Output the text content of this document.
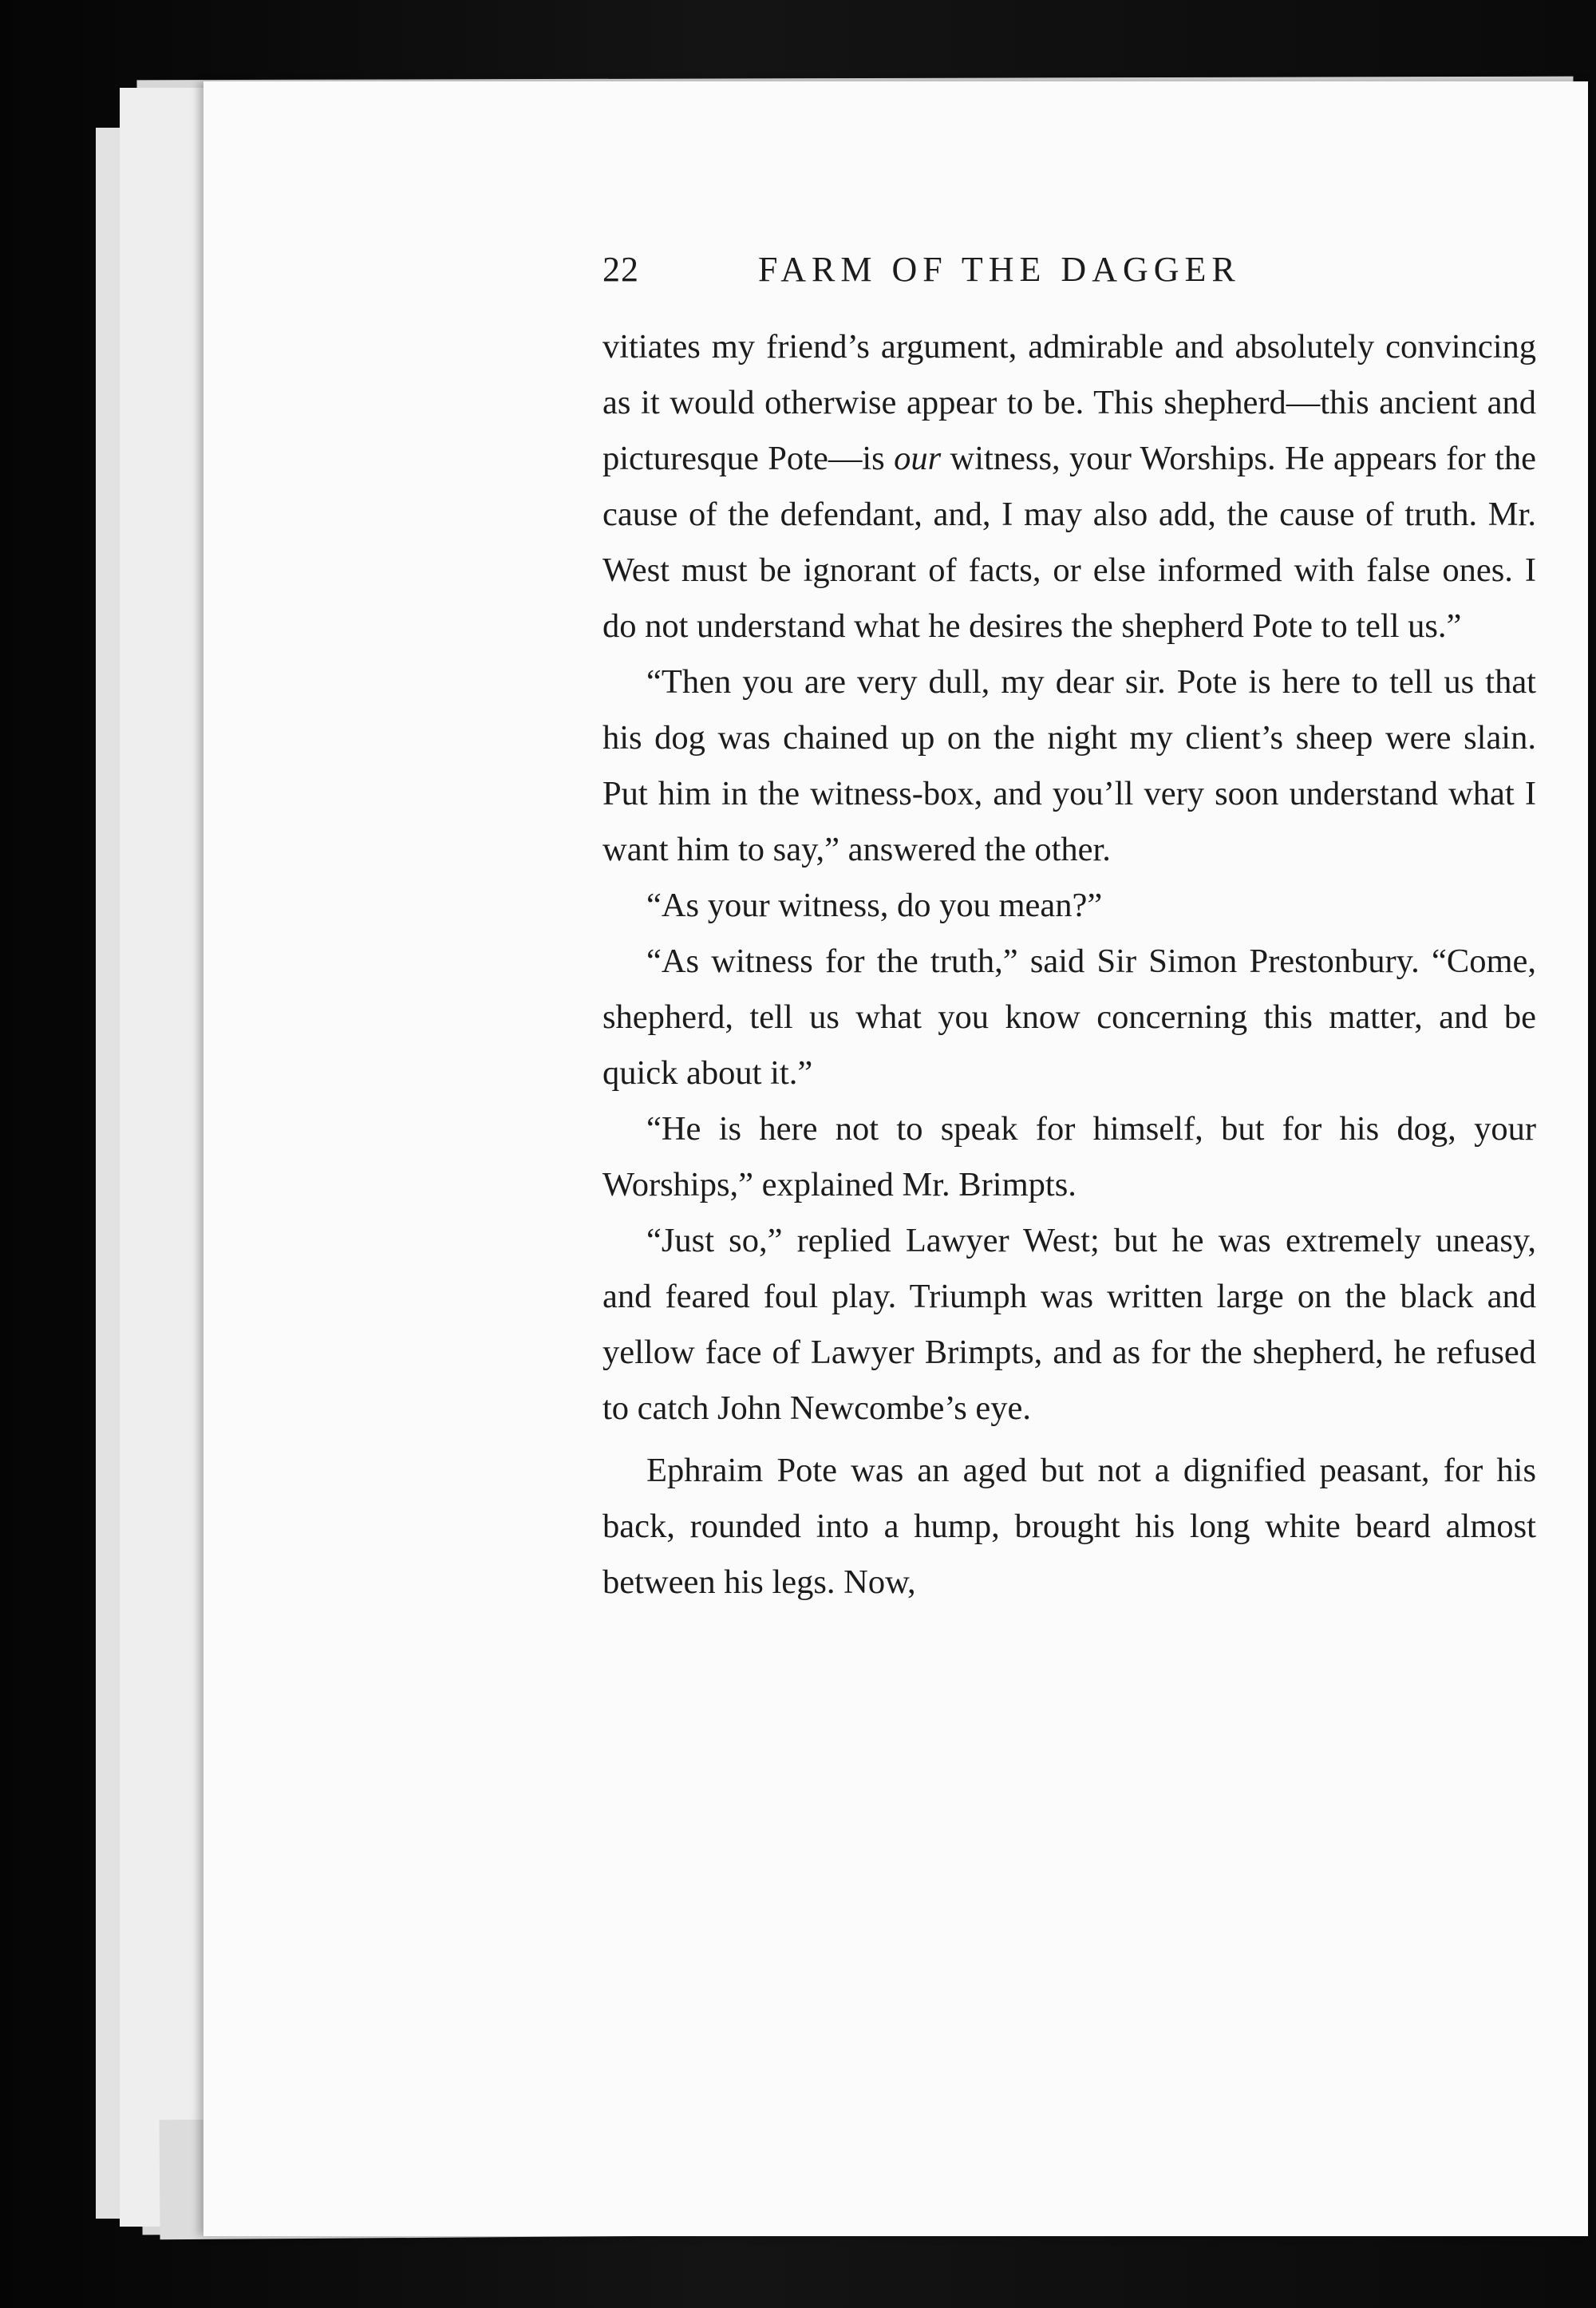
22	FARM OF THE DAGGER

vitiates my friend’s argument, admirable and absolutely convincing as it would otherwise appear to be. This shepherd—this ancient and picturesque Pote—is our witness, your Worships. He appears for the cause of the defendant, and, I may also add, the cause of truth. Mr. West must be ignorant of facts, or else informed with false ones. I do not understand what he desires the shepherd Pote to tell us.”

“Then you are very dull, my dear sir. Pote is here to tell us that his dog was chained up on the night my client’s sheep were slain. Put him in the witness-box, and you’ll very soon understand what I want him to say,” answered the other.

“As your witness, do you mean?”

“As witness for the truth,” said Sir Simon Prestonbury. “Come, shepherd, tell us what you know concerning this matter, and be quick about it.”

“He is here not to speak for himself, but for his dog, your Worships,” explained Mr. Brimpts.

“Just so,” replied Lawyer West; but he was extremely uneasy, and feared foul play. Triumph was written large on the black and yellow face of Lawyer Brimpts, and as for the shepherd, he refused to catch John Newcombe’s eye.

Ephraim Pote was an aged but not a dignified peasant, for his back, rounded into a hump, brought his long white beard almost between his legs. Now,
